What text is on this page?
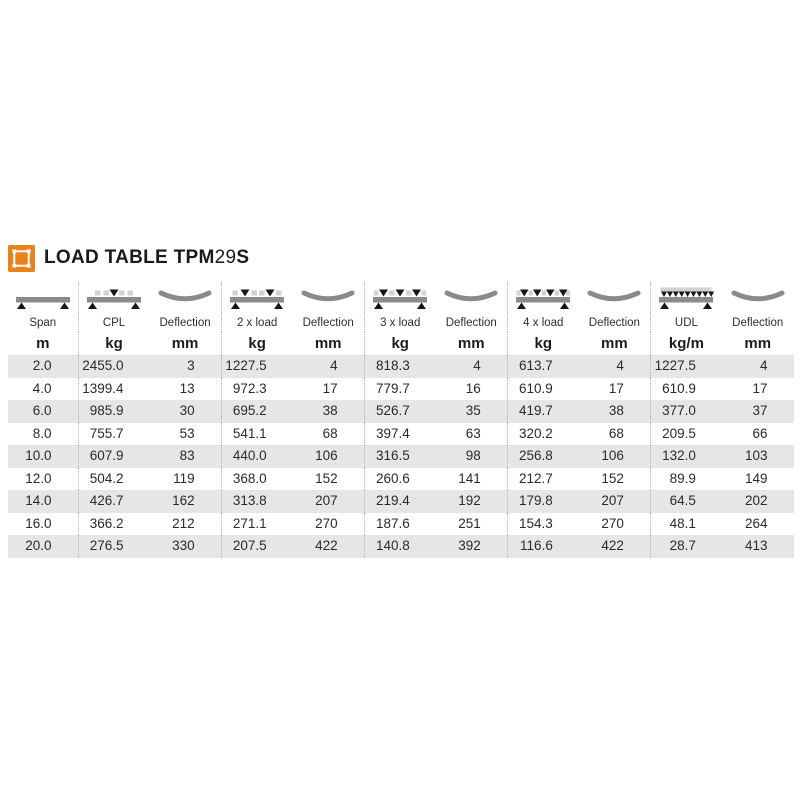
LOAD TABLE TPM29S

Span	CPL	Deflection	2 x load	Deflection	3 x load	Deflection	4 x load	Deflection	UDL	Deflection
m	kg	mm	kg	mm	kg	mm	kg	mm	kg/m	mm
2.0	2455.0	3	1227.5	4	818.3	4	613.7	4	1227.5	4
4.0	1399.4	13	972.3	17	779.7	16	610.9	17	610.9	17
6.0	985.9	30	695.2	38	526.7	35	419.7	38	377.0	37
8.0	755.7	53	541.1	68	397.4	63	320.2	68	209.5	66
10.0	607.9	83	440.0	106	316.5	98	256.8	106	132.0	103
12.0	504.2	119	368.0	152	260.6	141	212.7	152	89.9	149
14.0	426.7	162	313.8	207	219.4	192	179.8	207	64.5	202
16.0	366.2	212	271.1	270	187.6	251	154.3	270	48.1	264
20.0	276.5	330	207.5	422	140.8	392	116.6	422	28.7	413
